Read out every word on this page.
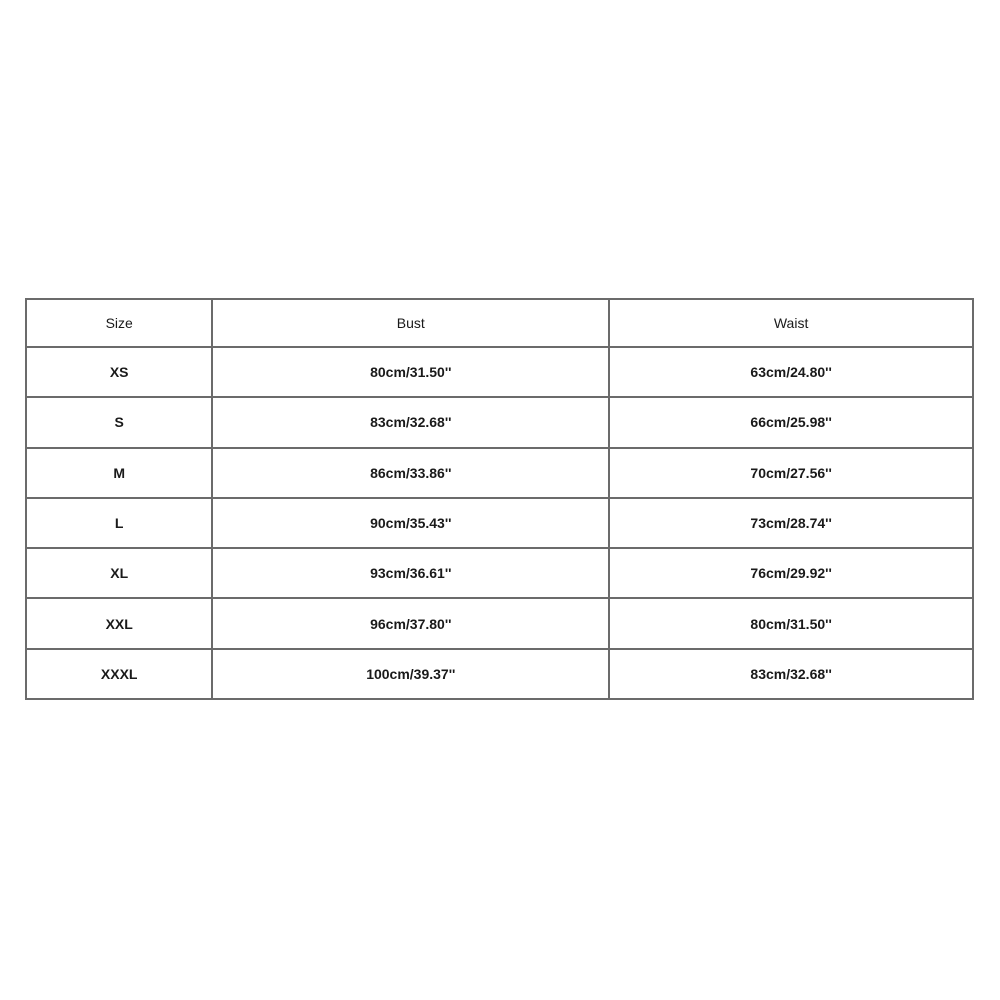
Size	Bust	Waist
XS	80cm/31.50''	63cm/24.80''
S	83cm/32.68''	66cm/25.98''
M	86cm/33.86''	70cm/27.56''
L	90cm/35.43''	73cm/28.74''
XL	93cm/36.61''	76cm/29.92''
XXL	96cm/37.80''	80cm/31.50''
XXXL	100cm/39.37''	83cm/32.68''
